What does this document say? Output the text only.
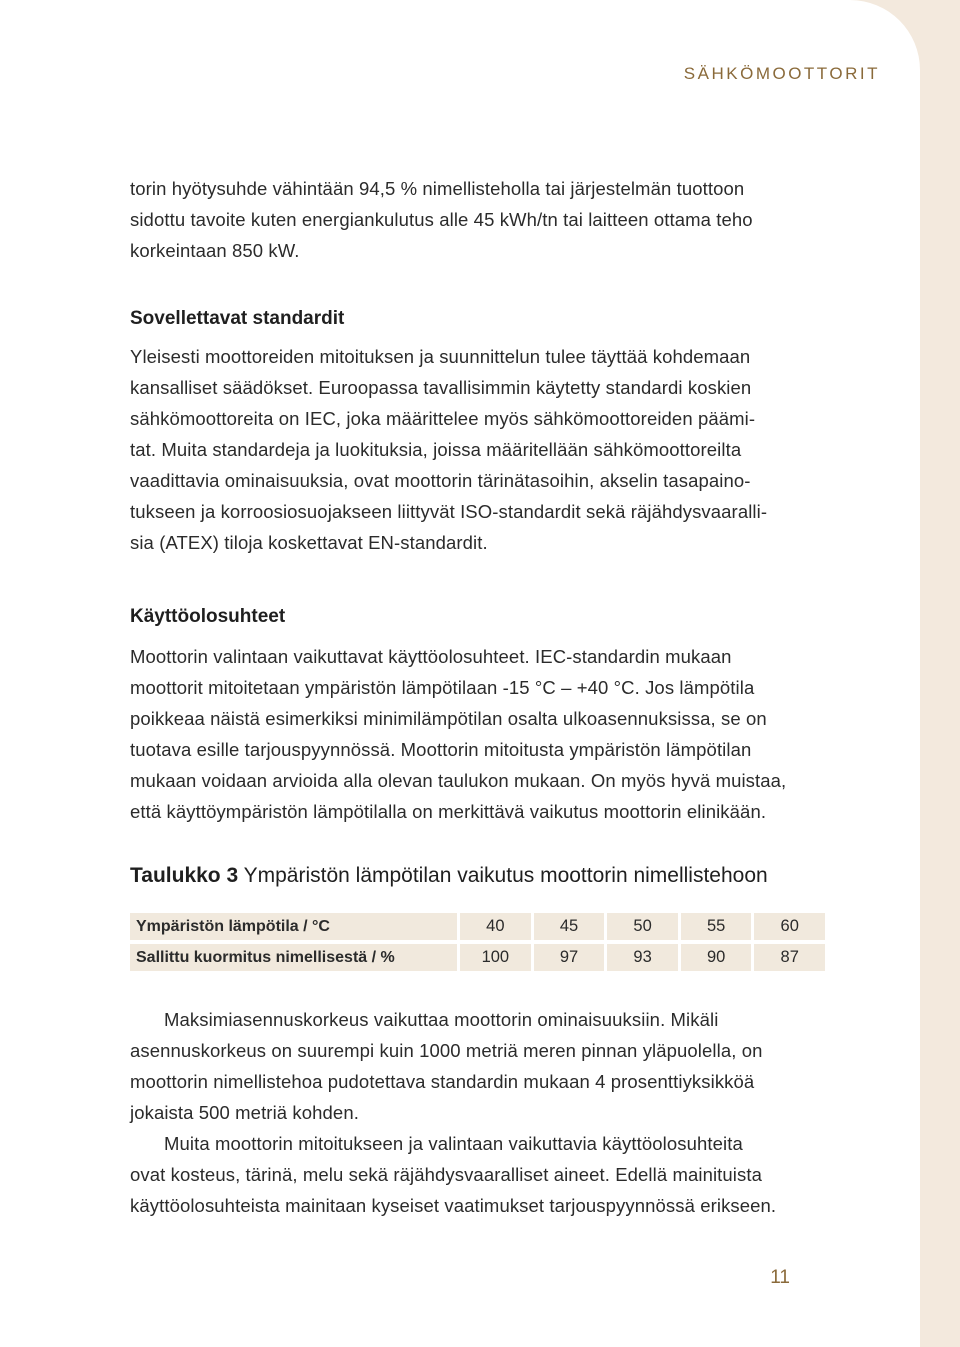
SÄHKÖMOOTTORIT

torin hyötysuhde vähintään 94,5 % nimellisteholla tai järjestelmän tuottoon
sidottu tavoite kuten energiankulutus alle 45 kWh/tn tai laitteen ottama teho
korkeintaan 850 kW.

Sovellettavat standardit

Yleisesti moottoreiden mitoituksen ja suunnittelun tulee täyttää kohdemaan
kansalliset säädökset. Euroopassa tavallisimmin käytetty standardi koskien
sähkömoottoreita on IEC, joka määrittelee myös sähkömoottoreiden päämi-
tat. Muita standardeja ja luokituksia, joissa määritellään sähkömoottoreilta
vaadittavia ominaisuuksia, ovat moottorin tärinätasoihin, akselin tasapaino-
tukseen ja korroosiosuojakseen liittyvät ISO-standardit sekä räjähdysvaaralli-
sia (ATEX) tiloja koskettavat EN-standardit.

Käyttöolosuhteet

Moottorin valintaan vaikuttavat käyttöolosuhteet. IEC-standardin mukaan
moottorit mitoitetaan ympäristön lämpötilaan -15 °C – +40 °C. Jos lämpötila
poikkeaa näistä esimerkiksi minimilämpötilan osalta ulkoasennuksissa, se on
tuotava esille tarjouspyynnössä. Moottorin mitoitusta ympäristön lämpötilan
mukaan voidaan arvioida alla olevan taulukon mukaan. On myös hyvä muistaa,
että käyttöympäristön lämpötilalla on merkittävä vaikutus moottorin elinikään.

Taulukko 3 Ympäristön lämpötilan vaikutus moottorin nimellistehoon
Ympäristön lämpötila / °C	40	45	50	55	60
Sallittu kuormitus nimellisestä / %	100	97	93	90	87

Maksimiasennuskorkeus vaikuttaa moottorin ominaisuuksiin. Mikäli
asennuskorkeus on suurempi kuin 1000 metriä meren pinnan yläpuolella, on
moottorin nimellistehoa pudotettava standardin mukaan 4 prosenttiyksikköä
jokaista 500 metriä kohden.

Muita moottorin mitoitukseen ja valintaan vaikuttavia käyttöolosuhteita
ovat kosteus, tärinä, melu sekä räjähdysvaaralliset aineet. Edellä mainituista
käyttöolosuhteista mainitaan kyseiset vaatimukset tarjouspyynnössä erikseen.

11
